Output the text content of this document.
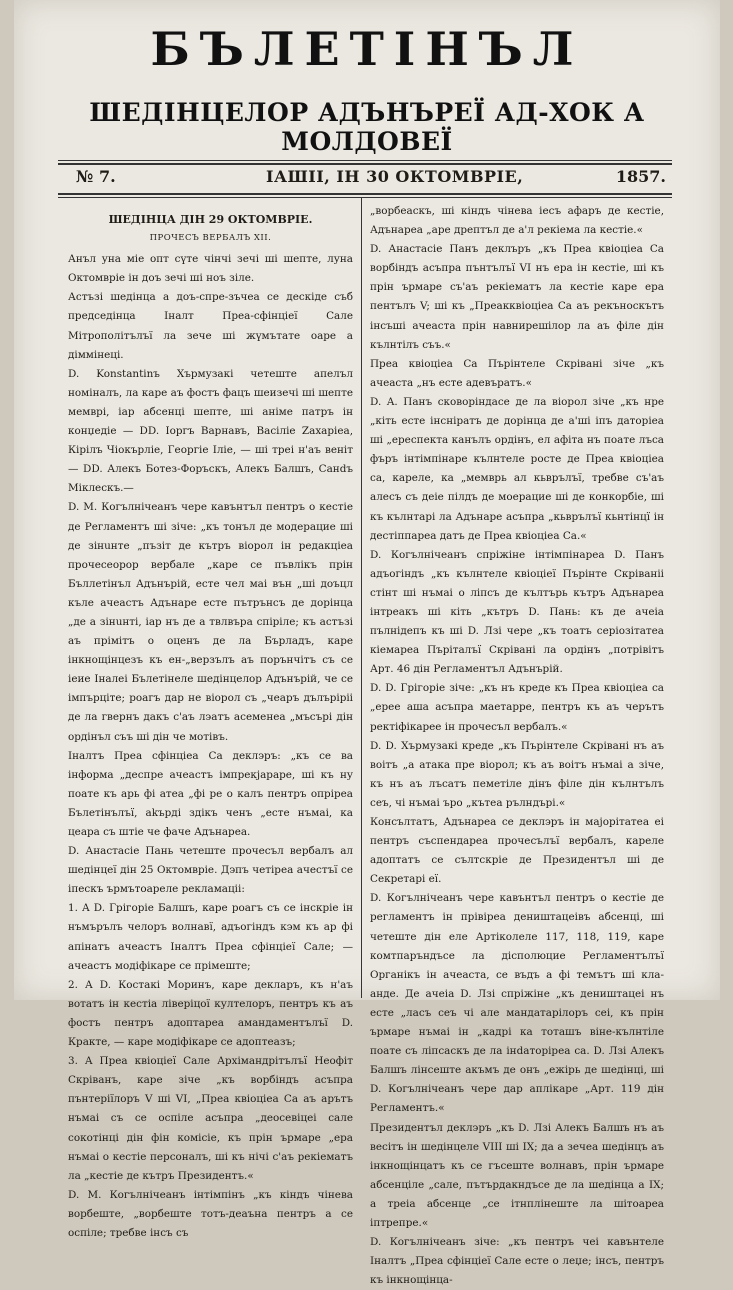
БЪЛЕТІНЪЛ
ШЕДІНЦЕЛОР АДЪНЪРЕЇ АД-ХОК А МОЛДОВЕЇ
№ 7.	ІАШІІ, ІН 30 ОКТОМВРІЕ,	1857.

ШЕДІНЦА ДІН 29 ОКТОМВРІЕ.

ПРОЧЕСЪ ВЕРБАЛЪ XII.

Анъл уна міе опт сүте чінчі зечі ші шепте, луна Октомвріе ін доъ зечі ші ноъ зіле.

Астъзі шедінца а доъ-спре-зъчеа се дескіде съб председінца Іналт Преа-сфінціеї Сале Мітрополітълъї ла зече ші жүмътате оаре а діммінеці.

D. Konstantinъ Хърмузакі четеште апелъл номіналъ, ла каре аъ фостъ фацъ шеизечі ші шепте мемврі, іар абсенці шепте, ші аніме патръ ін конџедіе — DD. Іоргъ Варнавъ, Васіліе Zaхаріеа, Кірілъ Чіокърліе, Георгіе Іліе, — ші треі н'аъ веніт— DD. Алекъ Ботез-Форъскъ, Алекъ Балшъ, Санdъ Міклескъ.—

D. M. Когълнічеанъ чере кавънтъл пентръ о кестіе де Регламентъ ші зіче: „къ тонъл де модерацие ші де зінuнте „пъзіт де кътръ віорол ін редакціеа прочесеорор вербале „каре се пъвлікъ прін Бъллетінъл Адънърій, есте чел маі вън „ші доъцл къле ачеастъ Адънаре есте пътрънсъ де дорінца „де а зінuнті, іар нъ де а твлвъра спіріле; къ астъзі аъ прімітъ о оценъ де ла Бърладъ, каре інкнощінцезъ къ ен-„верзълъ аъ порънчітъ съ се іеие Іналеі Бълетінеле шедінцелор Адънърій, че се імпърціте; роагъ дар не віорол съ „чеаръ дълъріріі де ла гвернъ дакъ с'аъ лэатъ асеменеа „мъсърі дін ордінъл съъ ші дін че мотівъ.

Іналтъ Преа сфінціеа Са деклэръ: „къ се ва інформа „деспре ачеастъ імпрекјараре, ші къ ну поате къ арь фі атеа „фі ре о калъ пентръ опріреа Бълетінълъї, аkърді здікъ ченъ „есте нъмаі, ка цеара съ штіе че фаче Адънареа.

D. Анастасіе Пань четеште прочесъл вербалъ ал шедінцеї дін 25 Октомвріе. Дэпъ четіреа ачестъї се іпескъ ърмътоареле рекламаціі:

1. A D. Грігоріе Балшъ, каре роагъ съ се інскріе ін нъмърълъ челоръ волнавї, адъогіндъ кэм къ ар фі апінатъ ачеастъ Іналтъ Преа сфінціеї Сале; — ачеастъ модіфікаре се прімеште;

2. A D. Костакі Моринъ, каре декларъ, къ н'аъ вотатъ ін кестіа ліверіцої култелоръ, пентръ къ аъ фостъ пентръ адоптареа амандаментълъї D. Кракте, — каре модіфікаре се адоптеазъ;

3. A Преа квіоціеї Сале Архімандрітълъї Неофіт Скріванъ, каре зіче „къ ворбіндъ асъпра пънтеріїлоръ V ші VI, „Преа квіоціеа Са аъ арътъ нъмаі съ се оспіле асъпра „деосевіцеі сале сокотінці дін фін комісіе, къ прін ърмаре „ера нъмаі о кестіе персоналъ, ші къ нічі с'аъ рекіематъ ла „кестіе де кътръ Президентъ.«

D. M. Когълнічеанъ інтімпінъ „къ кіндъ чінева ворбеште, „ворбеште тотъ-деаъна пентръ а се оспіле; требве інсъ съ

„ворбеаскъ, ші кіндъ чінева іесъ афаръ де кестіе, Адънареа „аре дрептъл де а'л рекіема ла кестіе.«

D. Анастасіе Панъ деклъръ „къ Преа квіоціеа Са ворбіндъ асъпра пънтълъї VI нъ ера ін кестіе, ші къ прін ърмаре съ'аъ рекіематъ ла кестіе каре ера пентълъ V; ші къ „Преакквіоціеа Са аъ рекъноскътъ інсъші ачеаста прін навнирешілор ла аъ філе дін кълнтілъ съъ.«

Преа квіоціеа Са Пърінтеле Скрівані зіче „къ ачеаста „нъ есте адевъратъ.«

D. A. Панъ сковоріндасе де ла віорол зіче „къ нре „кіть есте інсніратъ де дорінца де а'ші іпъ даторіеа ші „ереспекта канълъ ордінъ, ел афіта нъ поате лъса фъръ інтімпінаре кълнтеле росте де Преа квіоціеа са, кареле, ка „мемврь ал кьврълъї, требве съ'аъ алесъ съ деіе пілдъ де моерацие ші де конкорбіе, ші къ кълнтарі ла Адънаре асъпра „кьврълъї кьнтінцї ін дестіппареа датъ де Преа квіоціеа Са.«

D. Когълнічеанъ спріжіне інтімпінареа D. Панъ адъогіндъ „къ кълнтеле квіоціеї Пърінте Скріваніі стінт ші нъмаі о ліпсъ де кълтърь кътръ Адънареа інтреакъ ші кіть „кътръ D. Пань: къ де ачеіа пълнідепъ къ ші D. Лзі чере „къ тоатъ серіозітатеа кіемареа Пъріталъї Скрівані ла ордінъ „потрівітъ Арт. 46 дін Регламентъл Адънърій.

D. D. Грігоріе зіче: „къ нъ креде къ Преа квіоціеа са „ерее аша асъпра маетарре, пентръ къ аъ черътъ ректіфікарее ін прочесъл вербалъ.«

D. D. Хърмузакі креде „къ Пърінтеле Скрівані нъ аъ воітъ „а атака пре віорол; къ аъ воітъ нъмаі а зіче, къ нъ аъ лъсатъ пеметіле дінъ філе дін кълнтълъ сеъ, чі нъмаі ъро „кътеа рълндърі.«

Консълтатъ, Адънареа се деклэръ ін мајорітатеа еі пентръ съспендареа прочесълъї вербалъ, кареле адоптатъ се сълтскріе де Президентъл ші де Секретарі еї.

D. Когълнічеанъ чере кавънтъл пентръ о кестіе де регламентъ ін прівіреа деништацеівъ абсенці, ші четеште дін еле Артіколеле 117, 118, 119, каре комтпаръндъсе ла дісполюцие Регламентълъї Органікъ ін ачеаста, се въдъ а фі темътъ ші кла-анде. Де ачеіа D. Лзі спріжіне „къ деништацеі нъ есте „ласъ сеъ чі але мандатарілоръ сеі, къ прін ърмаре нъмаі ін „кадрі ка тоташъ віне-кълнтіле поате съ ліпсаскъ де ла інdаторіреа са. D. Лзі Алекъ Балшъ лінсеште акъмъ де онъ „ежірь де шедінці, ші D. Когълнічеанъ чере дар аплікаре „Арт. 119 дін Регламентъ.«

Президентъл деклэръ „къ D. Лзі Алекъ Балшъ нъ аъ весітъ ін шедінцеле VIII ші IX; дa а зечеа шедінцъ аъ інкнощінцатъ къ се гъсеште волнавъ, прін ърмаре абсенціле „сале, пътърдакндъсе де ла шедінца a IX; а треіа абсенце „се ітнплінеште ла шітоареа іптрепре.«

D. Когълнічеанъ зіче: „къ пентръ чеі кавънтеле Іналтъ „Преа сфінціеї Сале есте о леџе; інсъ, пентръ къ інкнощінца-
